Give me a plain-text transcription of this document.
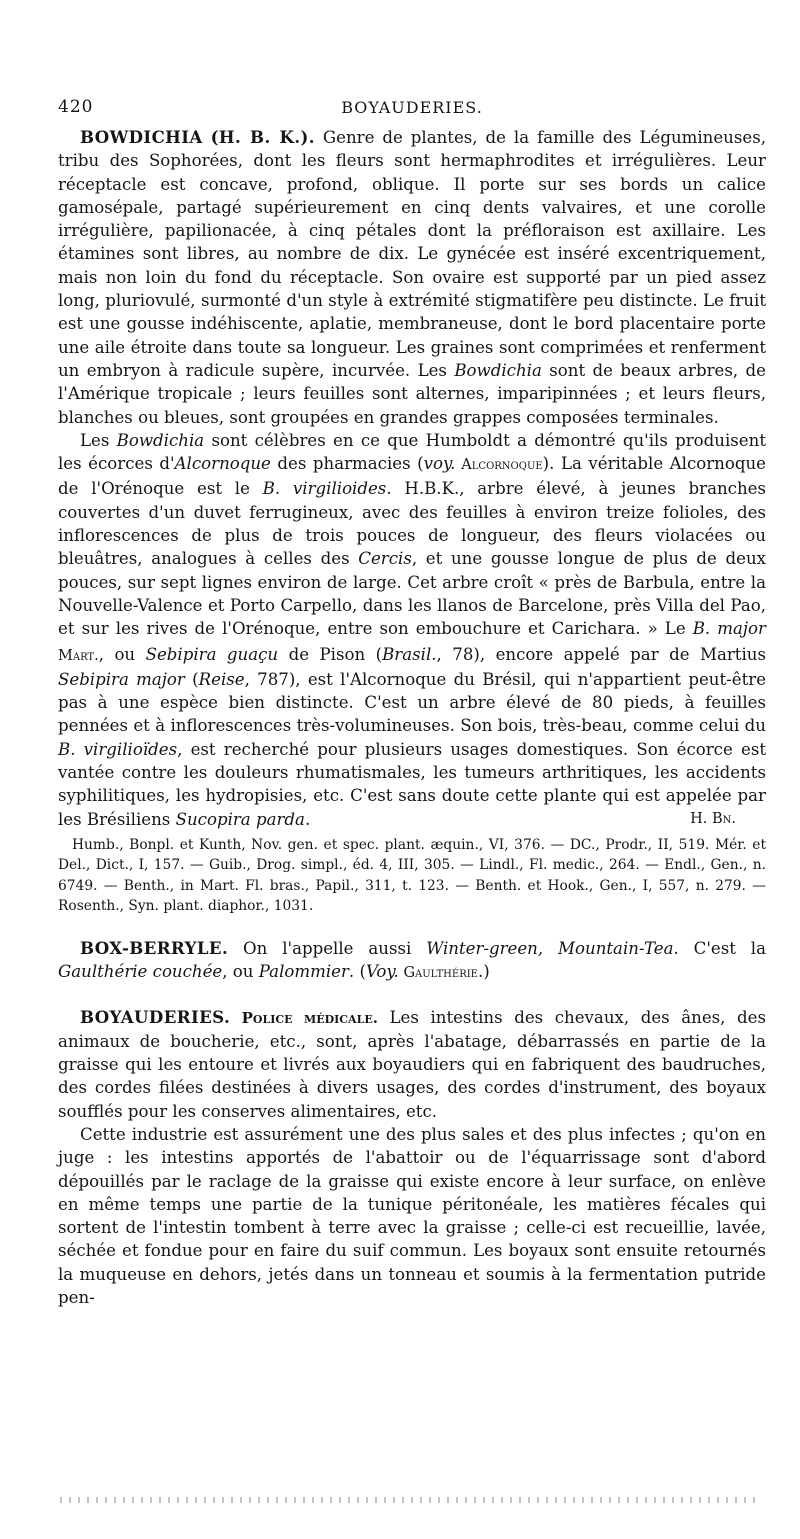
420	BOYAUDERIES.

BOWDICHIA (H. B. K.). Genre de plantes, de la famille des Légumineuses, tribu des Sophorées, dont les fleurs sont hermaphrodites et irrégulières. Leur réceptacle est concave, profond, oblique. Il porte sur ses bords un calice gamosépale, partagé supérieurement en cinq dents valvaires, et une corolle irrégulière, papilionacée, à cinq pétales dont la préfloraison est axillaire. Les étamines sont libres, au nombre de dix. Le gynécée est inséré excentriquement, mais non loin du fond du réceptacle. Son ovaire est supporté par un pied assez long, pluriovulé, surmonté d'un style à extrémité stigmatifère peu distincte. Le fruit est une gousse indéhiscente, aplatie, membraneuse, dont le bord placentaire porte une aile étroite dans toute sa longueur. Les graines sont comprimées et renferment un embryon à radicule supère, incurvée. Les Bowdichia sont de beaux arbres, de l'Amérique tropicale ; leurs feuilles sont alternes, imparipinnées ; et leurs fleurs, blanches ou bleues, sont groupées en grandes grappes composées terminales.

Les Bowdichia sont célèbres en ce que Humboldt a démontré qu'ils produisent les écorces d'Alcornoque des pharmacies (voy. Alcornoque). La véritable Alcornoque de l'Orénoque est le B. virgilioides. H.B.K., arbre élevé, à jeunes branches couvertes d'un duvet ferrugineux, avec des feuilles à environ treize folioles, des inflorescences de plus de trois pouces de longueur, des fleurs violacées ou bleuâtres, analogues à celles des Cercis, et une gousse longue de plus de deux pouces, sur sept lignes environ de large. Cet arbre croît « près de Barbula, entre la Nouvelle-Valence et Porto Carpello, dans les llanos de Barcelone, près Villa del Pao, et sur les rives de l'Orénoque, entre son embouchure et Carichara. » Le B. major Mart., ou Sebipira guaçu de Pison (Brasil., 78), encore appelé par de Martius Sebipira major (Reise, 787), est l'Alcornoque du Brésil, qui n'appartient peut-être pas à une espèce bien distincte. C'est un arbre élevé de 80 pieds, à feuilles pennées et à inflorescences très-volumineuses. Son bois, très-beau, comme celui du B. virgilioïdes, est recherché pour plusieurs usages domestiques. Son écorce est vantée contre les douleurs rhumatismales, les tumeurs arthritiques, les accidents syphilitiques, les hydropisies, etc. C'est sans doute cette plante qui est appelée par les Brésiliens Sucopira parda.	H. Bn.

Humb., Bonpl. et Kunth, Nov. gen. et spec. plant. æquin., VI, 376. — DC., Prodr., II, 519. Mér. et Del., Dict., I, 157. — Guib., Drog. simpl., éd. 4, III, 305. — Lindl., Fl. medic., 264. — Endl., Gen., n. 6749. — Benth., in Mart. Fl. bras., Papil., 311, t. 123. — Benth. et Hook., Gen., I, 557, n. 279. — Rosenth., Syn. plant. diaphor., 1031.

BOX-BERRYLE. On l'appelle aussi Winter-green, Mountain-Tea. C'est la Gaulthérie couchée, ou Palommier. (Voy. Gaulthérie.)

BOYAUDERIES. Police médicale. Les intestins des chevaux, des ânes, des animaux de boucherie, etc., sont, après l'abatage, débarrassés en partie de la graisse qui les entoure et livrés aux boyaudiers qui en fabriquent des baudruches, des cordes filées destinées à divers usages, des cordes d'instrument, des boyaux soufflés pour les conserves alimentaires, etc.

Cette industrie est assurément une des plus sales et des plus infectes ; qu'on en juge : les intestins apportés de l'abattoir ou de l'équarrissage sont d'abord dépouillés par le raclage de la graisse qui existe encore à leur surface, on enlève en même temps une partie de la tunique péritonéale, les matières fécales qui sortent de l'intestin tombent à terre avec la graisse ; celle-ci est recueillie, lavée, séchée et fondue pour en faire du suif commun. Les boyaux sont ensuite retournés la muqueuse en dehors, jetés dans un tonneau et soumis à la fermentation putride pen-
